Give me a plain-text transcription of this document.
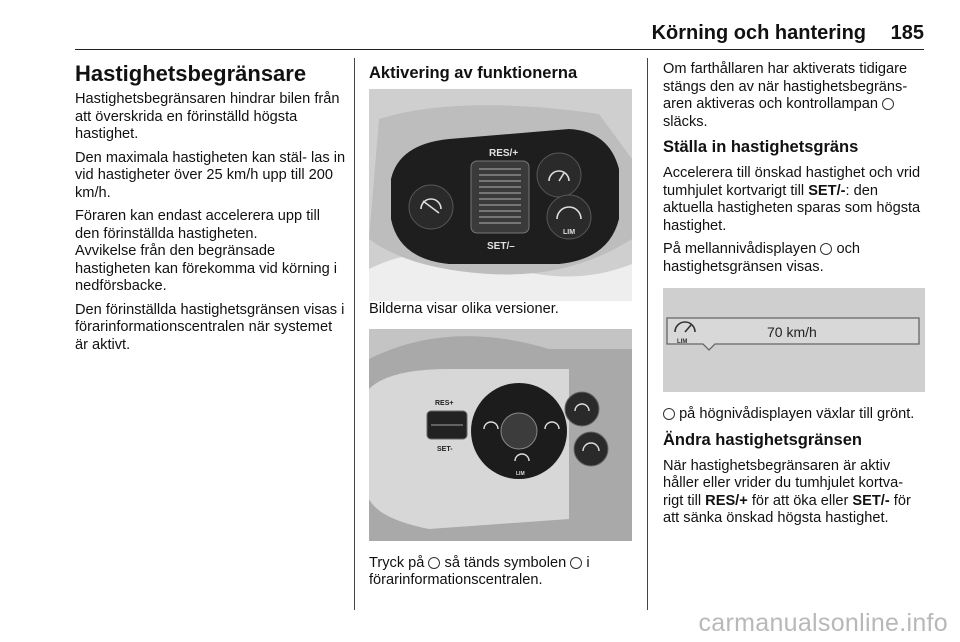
Körning och hantering 185
Hastighetsbegränsare

Hastighetsbegränsaren hindrar bilen från att överskrida en förinställd högsta hastighet.

Den maximala hastigheten kan stäl- las in vid hastigheter över 25 km/h upp till 200 km/h.

Föraren kan endast accelerera upp till den förinställda hastigheten.

Avvikelse från den begränsade hastigheten kan förekomma vid körning i nedförsbacke.

Den förinställda hastighetsgränsen visas i förarinformationscentralen när systemet är aktivt.

Aktivering av funktionerna
RES/+
SET/–
LIM

Bilderna visar olika versioner.

RES+
SET-
LIM

Tryck på så tänds symbolen i förarinformationscentralen.

Om farthållaren har aktiverats tidigare stängs den av när hastighetsbegräns- aren aktiveras och kontrollampan  släcks.

Ställa in hastighetsgräns

Accelerera till önskad hastighet och vrid tumhjulet kortvarigt till SET/-: den aktuella hastigheten sparas som högsta hastighet.

På mellannivådisplayen och hastighetsgränsen visas.

LIM
70 km/h

på högnivådisplayen växlar till grönt.

Ändra hastighetsgränsen

När hastighetsbegränsaren är aktiv håller eller vrider du tumhjulet kortva- rigt till RES/+ för att öka eller SET/- för att sänka önskad högsta hastighet.

carmanualsonline.info
